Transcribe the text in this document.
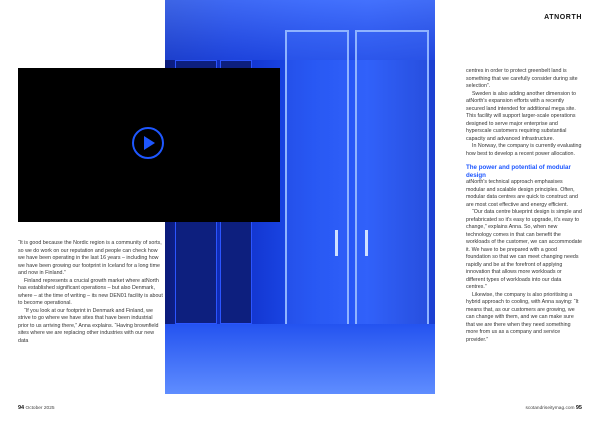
ATNORTH

“It is good because the Nordic region is a community of sorts, so we do work on our reputation and people can check how we have been operating in the last 16 years – including how we have been growing our footprint in Iceland for a long time and now in Finland.”

Finland represents a crucial growth market where atNorth has established significant operations – but also Denmark, where – at the time of writing – its new DEN01 facility is about to become operational.

“If you look at our footprint in Denmark and Finland, we strive to go where we have sites that have been industrial prior to us arriving there,” Anna explains. “Having brownfield sites where we are replacing other industries with our new data

centres in order to protect greenbelt land is something that we carefully consider during site selection”.

Sweden is also adding another dimension to atNorth's expansion efforts with a recently secured land intended for additional mega site. This facility will support larger-scale operations designed to serve major enterprise and hyperscale customers requiring substantial capacity and advanced infrastructure.

In Norway, the company is currently evaluating how best to develop a recent power allocation.

The power and potential of modular design

atNorth's technical approach emphasises modular and scalable design principles. Often, modular data centres are quick to construct and are most cost effective and energy efficient.

“Our data centre blueprint design is simple and prefabricated so it's easy to upgrade, it's easy to change,” explains Anna. So, when new technology comes in that can benefit the workloads of the customer, we can accommodate it. We have to be prepared with a good foundation so that we can meet changing needs rapidly and be at the forefront of applying innovation that allows more workloads or different types of workloads into our data centres.”

Likewise, the company is also prioritising a hybrid approach to cooling, with Anna saying: “It means that, as our customers are growing, we can change with them, and we can make sure that we are there when they need something more from us as a company and service provider.”

94 October 2025	scotandriseitymag.com 95
